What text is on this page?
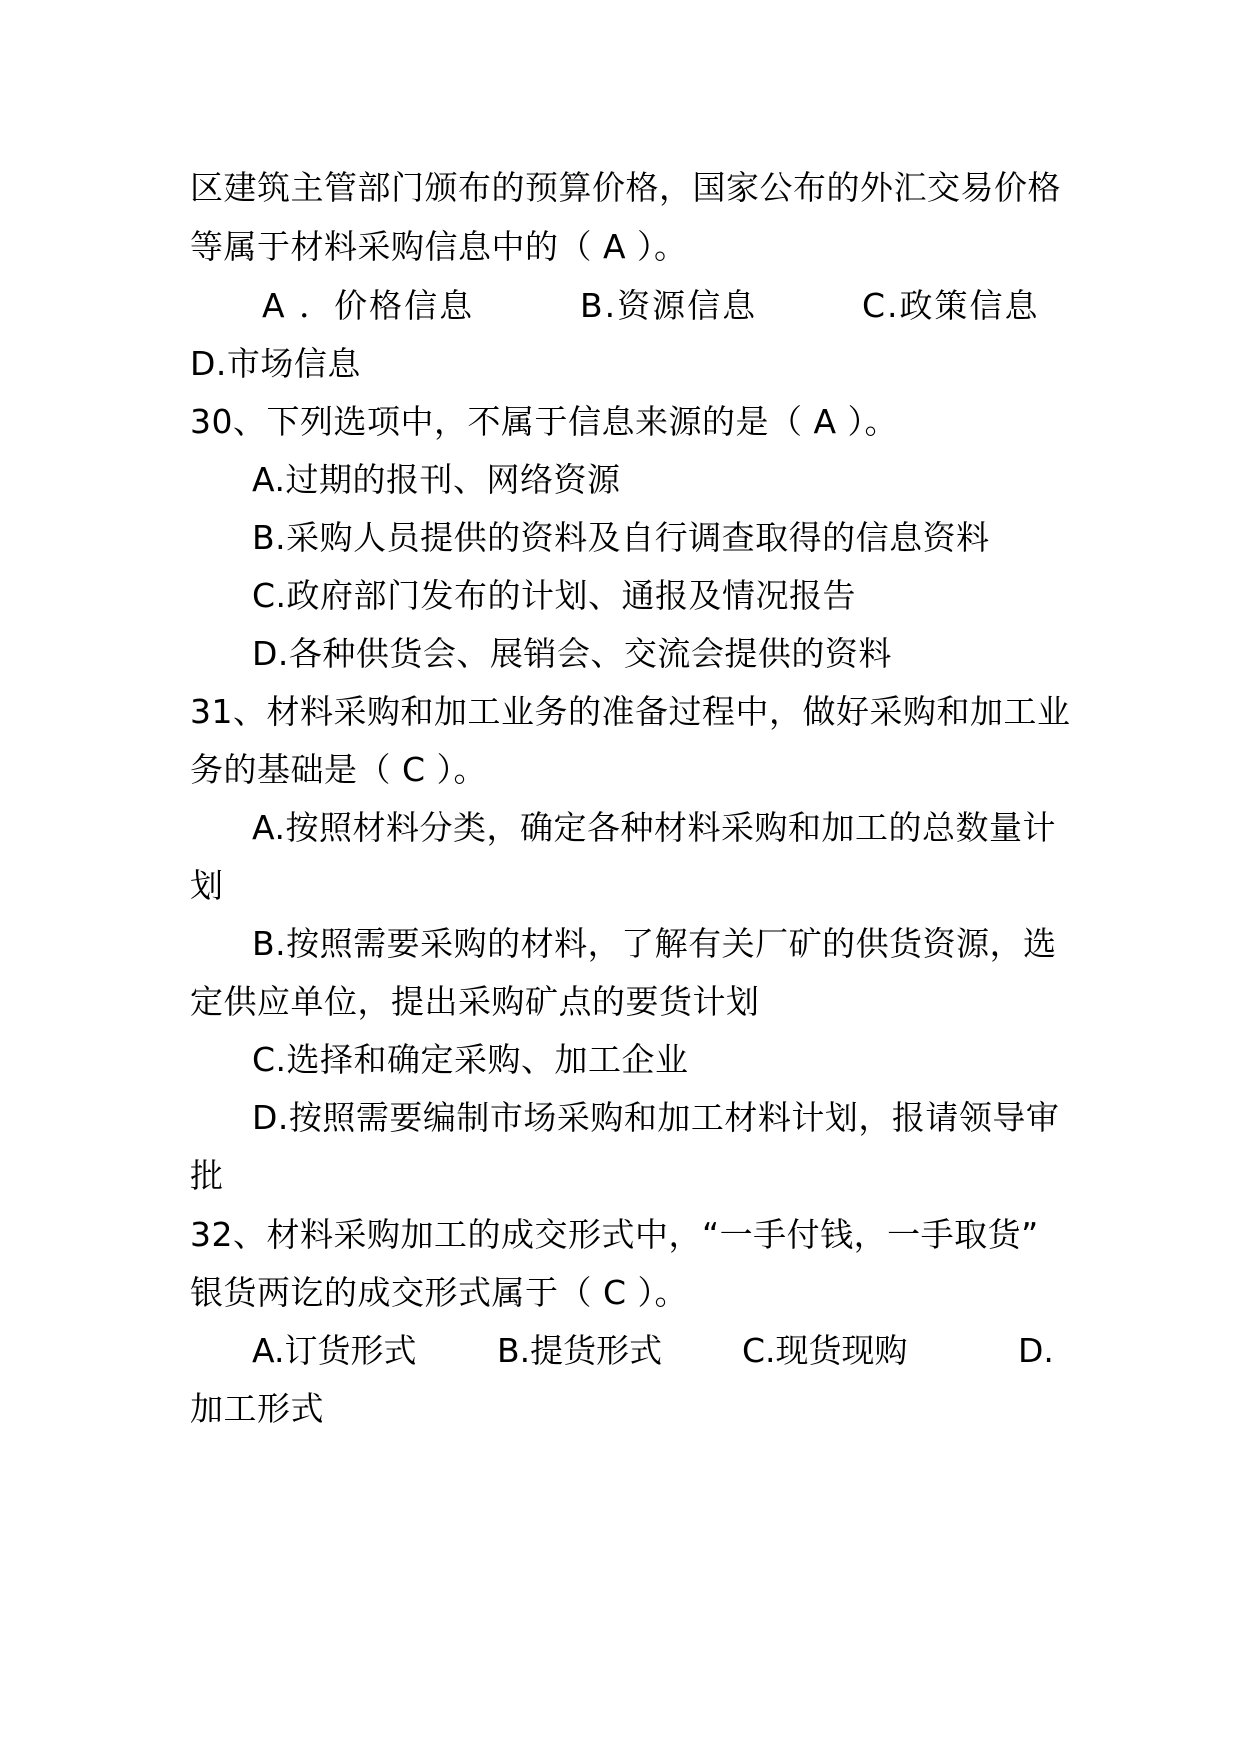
区建筑主管部门颁布的预算价格，国家公布的外汇交易价格
等属于材料采购信息中的（ A ）。
A ．价格信息	B.资源信息	C.政策信息
D.市场信息
30、下列选项中，不属于信息来源的是（ A ）。
A.过期的报刊、网络资源
B.采购人员提供的资料及自行调查取得的信息资料
C.政府部门发布的计划、通报及情况报告
D.各种供货会、展销会、交流会提供的资料
31、材料采购和加工业务的准备过程中，做好采购和加工业
务的基础是（ C ）。
A.按照材料分类，确定各种材料采购和加工的总数量计
划
B.按照需要采购的材料，了解有关厂矿的供货资源，选
定供应单位，提出采购矿点的要货计划
C.选择和确定采购、加工企业
D.按照需要编制市场采购和加工材料计划，报请领导审
批
32、材料采购加工的成交形式中，“一手付钱，一手取货”
银货两讫的成交形式属于（ C ）。
A.订货形式 B.提货形式 C.现货现购	D.
加工形式
